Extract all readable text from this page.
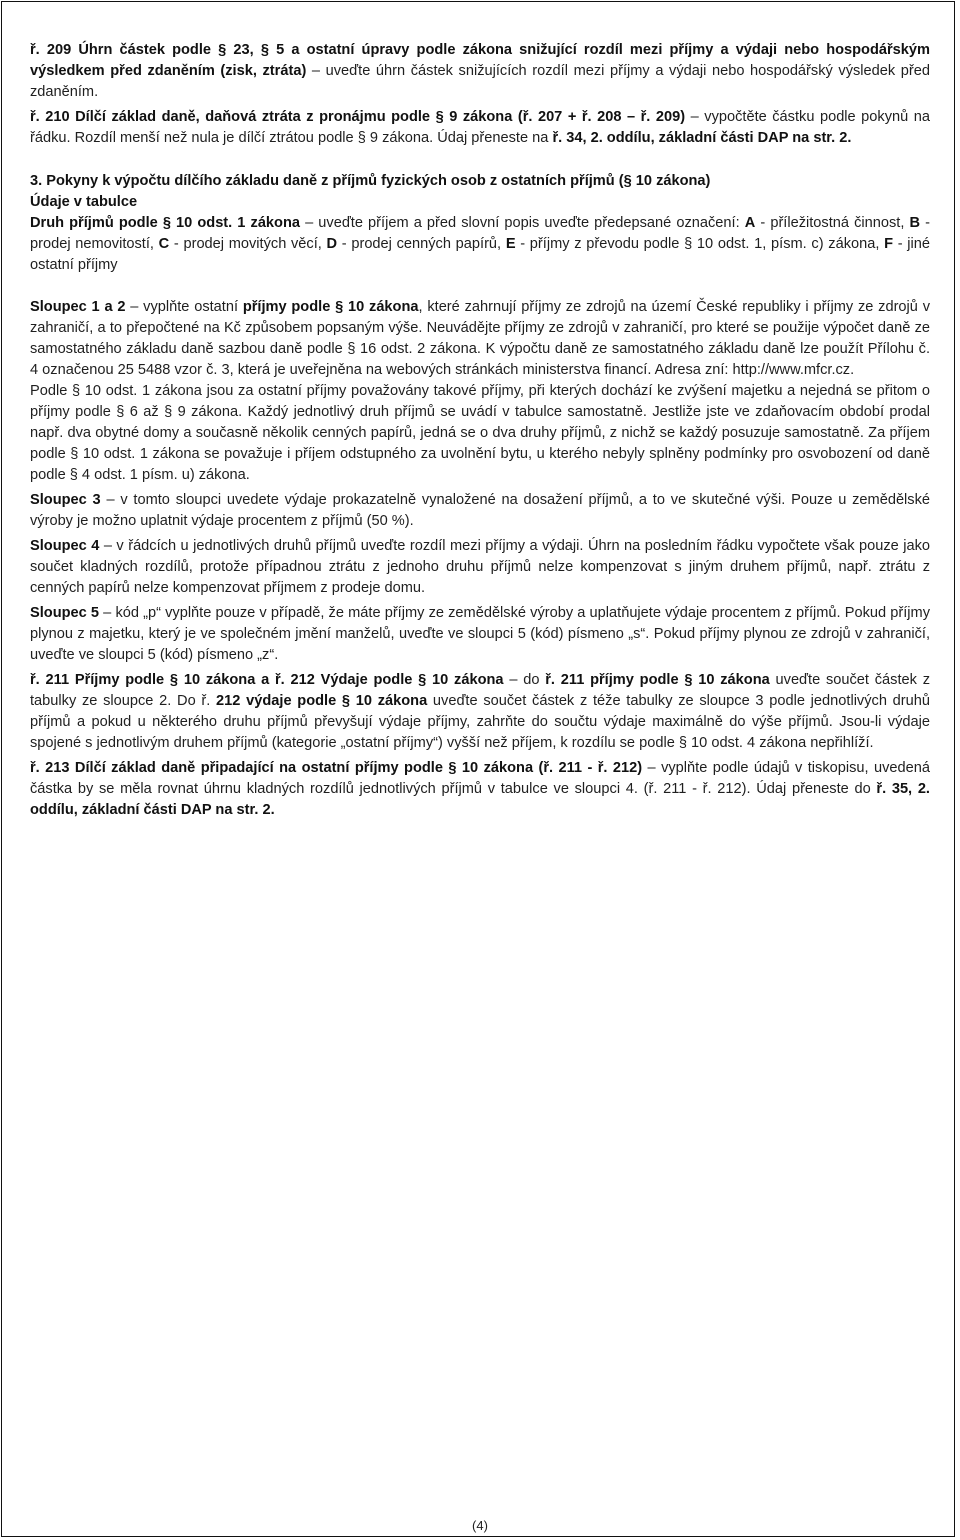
ř. 209 Úhrn částek podle § 23, § 5 a ostatní úpravy podle zákona snižující rozdíl mezi příjmy a výdaji nebo hospodářským výsledkem před zdaněním (zisk, ztráta) – uveďte úhrn částek snižujících rozdíl mezi příjmy a výdaji nebo hospodářský výsledek před zdaněním.

ř. 210 Dílčí základ daně, daňová ztráta z pronájmu podle § 9 zákona (ř. 207 + ř. 208 – ř. 209) – vypočtěte částku podle pokynů na řádku. Rozdíl menší než nula je dílčí ztrátou podle § 9 zákona. Údaj přeneste na ř. 34, 2. oddílu, základní části DAP na str. 2.

3. Pokyny k výpočtu dílčího základu daně z příjmů fyzických osob z ostatních příjmů (§ 10 zákona)

Údaje v tabulce

Druh příjmů podle § 10 odst. 1 zákona – uveďte příjem a před slovní popis uveďte předepsané označení: A - příležitostná činnost, B - prodej nemovitostí, C - prodej movitých věcí, D - prodej cenných papírů, E - příjmy z převodu podle § 10 odst. 1, písm. c) zákona, F - jiné ostatní příjmy

Sloupec 1 a 2 – vyplňte ostatní příjmy podle § 10 zákona, které zahrnují příjmy ze zdrojů na území České republiky i příjmy ze zdrojů v zahraničí, a to přepočtené na Kč způsobem popsaným výše. Neuvádějte příjmy ze zdrojů v zahraničí, pro které se použije výpočet daně ze samostatného základu daně sazbou daně podle § 16 odst. 2 zákona. K výpočtu daně ze samostatného základu daně lze použít Přílohu č. 4 označenou 25 5488 vzor č. 3, která je uveřejněna na webových stránkách ministerstva financí. Adresa zní: http://www.mfcr.cz.

Podle § 10 odst. 1 zákona jsou za ostatní příjmy považovány takové příjmy, při kterých dochází ke zvýšení majetku a nejedná se přitom o příjmy podle § 6 až § 9 zákona. Každý jednotlivý druh příjmů se uvádí v tabulce samostatně. Jestliže jste ve zdaňovacím období prodal např. dva obytné domy a současně několik cenných papírů, jedná se o dva druhy příjmů, z nichž se každý posuzuje samostatně. Za příjem podle § 10 odst. 1 zákona se považuje i příjem odstupného za uvolnění bytu, u kterého nebyly splněny podmínky pro osvobození od daně podle § 4 odst. 1 písm. u) zákona.

Sloupec 3 – v tomto sloupci uvedete výdaje prokazatelně vynaložené na dosažení příjmů, a to ve skutečné výši. Pouze u zemědělské výroby je možno uplatnit výdaje procentem z příjmů (50 %).

Sloupec 4 – v řádcích u jednotlivých druhů příjmů uveďte rozdíl mezi příjmy a výdaji. Úhrn na posledním řádku vypočtete však pouze jako součet kladných rozdílů, protože případnou ztrátu z jednoho druhu příjmů nelze kompenzovat s jiným druhem příjmů, např. ztrátu z cenných papírů nelze kompenzovat příjmem z prodeje domu.

Sloupec 5 – kód „p“ vyplňte pouze v případě, že máte příjmy ze zemědělské výroby a uplatňujete výdaje procentem z příjmů. Pokud příjmy plynou z majetku, který je ve společném jmění manželů, uveďte ve sloupci 5 (kód) písmeno „s“. Pokud příjmy plynou ze zdrojů v zahraničí, uveďte ve sloupci 5 (kód) písmeno „z“.

ř. 211 Příjmy podle § 10 zákona a ř. 212 Výdaje podle § 10 zákona – do ř. 211 příjmy podle § 10 zákona uveďte součet částek z tabulky ze sloupce 2. Do ř. 212 výdaje podle § 10 zákona uveďte součet částek z téže tabulky ze sloupce 3 podle jednotlivých druhů příjmů a pokud u některého druhu příjmů převyšují výdaje příjmy, zahrňte do součtu výdaje maximálně do výše příjmů. Jsou-li výdaje spojené s jednotlivým druhem příjmů (kategorie „ostatní příjmy“) vyšší než příjem, k rozdílu se podle § 10 odst. 4 zákona nepřihlíží.

ř. 213 Dílčí základ daně připadající na ostatní příjmy podle § 10 zákona (ř. 211 - ř. 212) – vyplňte podle údajů v tiskopisu, uvedená částka by se měla rovnat úhrnu kladných rozdílů jednotlivých příjmů v tabulce ve sloupci 4. (ř. 211 - ř. 212). Údaj přeneste do ř. 35, 2. oddílu, základní části DAP na str. 2.

(4)
